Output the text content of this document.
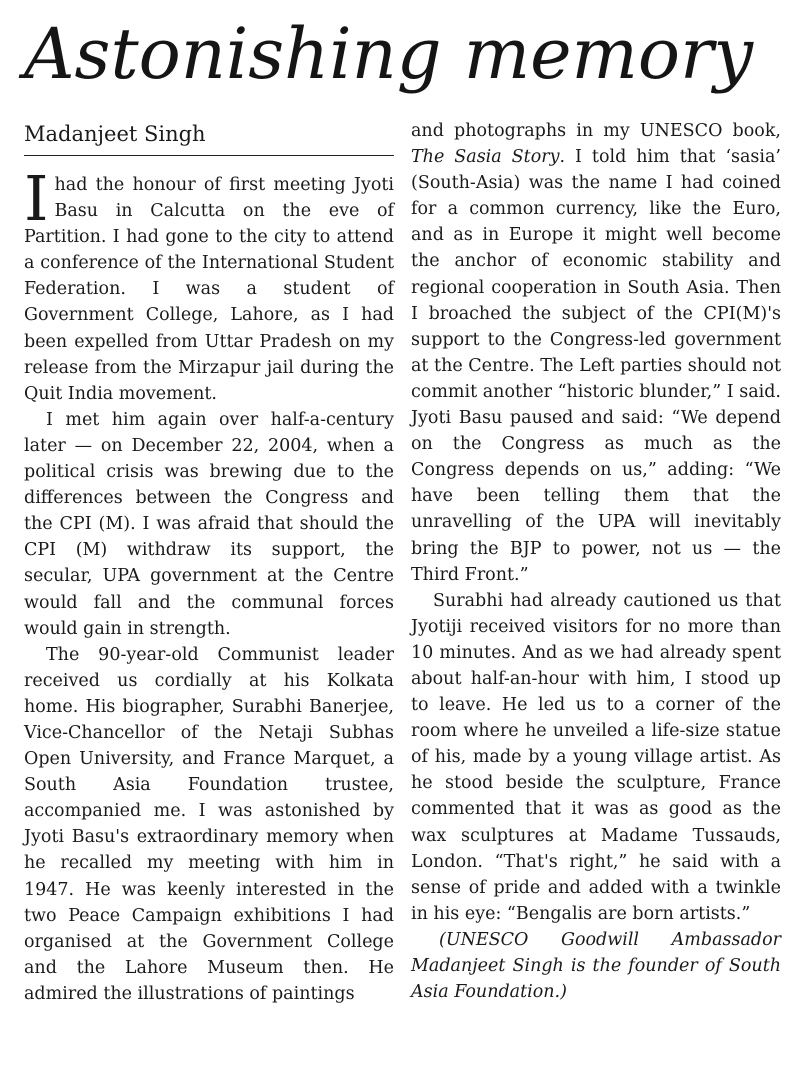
Astonishing memory
Madanjeet Singh

Ihad the honour of first meeting Jyoti Basu in Calcutta on the eve of Partition. I had gone to the city to attend a conference of the International Student Federation. I was a student of Government College, Lahore, as I had been expelled from Uttar Pradesh on my release from the Mirzapur jail during the Quit India movement.

I met him again over half-a-century later — on December 22, 2004, when a political crisis was brewing due to the differences between the Congress and the CPI (M). I was afraid that should the CPI (M) withdraw its support, the secular, UPA government at the Centre would fall and the communal forces would gain in strength.

The 90-year-old Communist leader received us cordially at his Kolkata home. His biographer, Surabhi Banerjee, Vice-Chancellor of the Netaji Subhas Open University, and France Marquet, a South Asia Foundation trustee, accompanied me. I was astonished by Jyoti Basu's extraordinary memory when he recalled my meeting with him in 1947. He was keenly interested in the two Peace Campaign exhibitions I had organised at the Government College and the Lahore Museum then. He admired the illustrations of paintings

and photographs in my UNESCO book, The Sasia Story. I told him that ‘sasia’ (South-Asia) was the name I had coined for a common currency, like the Euro, and as in Europe it might well become the anchor of economic stability and regional cooperation in South Asia. Then I broached the subject of the CPI(M)'s support to the Congress-led government at the Centre. The Left parties should not commit another “historic blunder,” I said. Jyoti Basu paused and said: “We depend on the Congress as much as the Congress depends on us,” adding: “We have been telling them that the unravelling of the UPA will inevitably bring the BJP to power, not us — the Third Front.”

Surabhi had already cautioned us that Jyotiji received visitors for no more than 10 minutes. And as we had already spent about half-an-hour with him, I stood up to leave. He led us to a corner of the room where he unveiled a life-size statue of his, made by a young village artist. As he stood beside the sculpture, France commented that it was as good as the wax sculptures at Madame Tussauds, London. “That's right,” he said with a sense of pride and added with a twinkle in his eye: “Bengalis are born artists.”

(UNESCO Goodwill Ambassador Madanjeet Singh is the founder of South Asia Foundation.)
